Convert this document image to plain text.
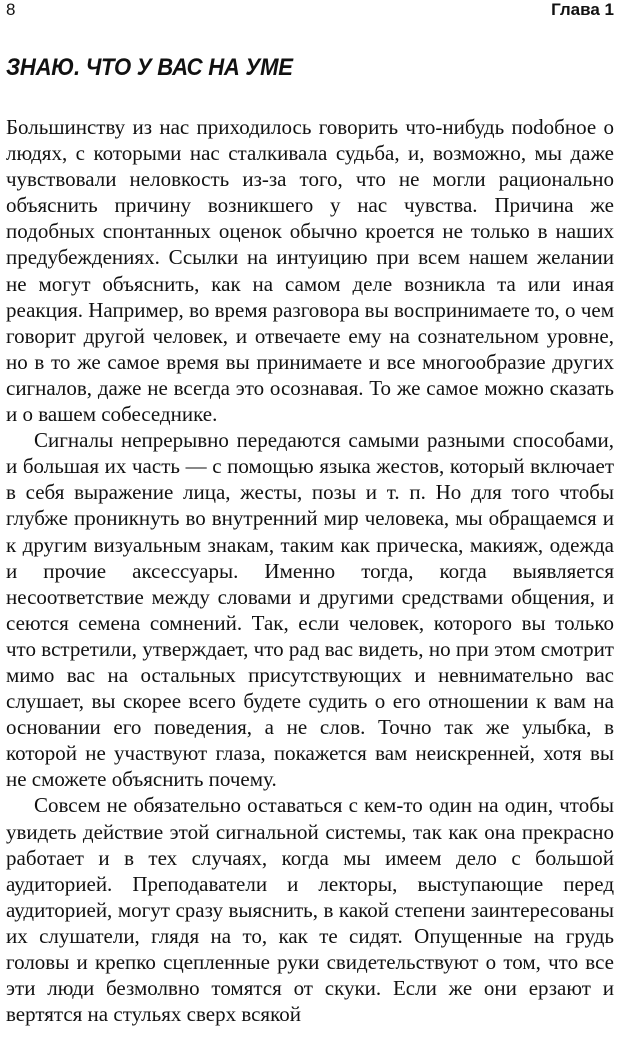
8	Глава 1
ЗНАЮ. ЧТО У ВАС НА УМЕ

Большинству из нас приходилось говорить что-нибудь поdобное о людях, с которыми нас сталкивала судьба, и, возможно, мы даже чувствовали неловкость из-за того, что не могли рационально объяснить причину возникшего у нас чувства. Причина же подобных спонтанных оценок обычно кроется не только в наших предубеждениях. Ссылки на интуицию при всем нашем желании не могут объяснить, как на самом деле возникла та или иная реакция. Например, во время разговора вы воспринимаете то, о чем говорит другой человек, и отвечаете ему на сознательном уровне, но в то же самое время вы принимаете и все многообразие других сигналов, даже не всегда это осознавая. То же самое можно сказать и о вашем собеседнике.

Сигналы непрерывно передаются самыми разными способами, и большая их часть — с помощью языка жестов, который включает в себя выражение лица, жесты, позы и т. п. Но для того чтобы глубже проникнуть во внутренний мир человека, мы обращаемся и к другим визуальным знакам, таким как прическа, макияж, одежда и прочие аксессуары. Именно тогда, когда выявляется несоответствие между словами и другими средствами общения, и сеются семена сомнений. Так, если человек, которого вы только что встретили, утверждает, что рад вас видеть, но при этом смотрит мимо вас на остальных присутствующих и невнимательно вас слушает, вы скорее всего будете судить о его отношении к вам на основании его поведения, а не слов. Точно так же улыбка, в которой не участвуют глаза, покажется вам неискренней, хотя вы не сможете объяснить почему.

Совсем не обязательно оставаться с кем-то один на один, чтобы увидеть действие этой сигнальной системы, так как она прекрасно работает и в тех случаях, когда мы имеем дело с большой аудиторией. Преподаватели и лекторы, выступающие перед аудиторией, могут сразу выяснить, в какой степени заинтересованы их слушатели, глядя на то, как те сидят. Опущенные на грудь головы и крепко сцепленные руки свидетельствуют о том, что все эти люди безмолвно томятся от скуки. Если же они ерзают и вертятся на стульях сверх всякой
